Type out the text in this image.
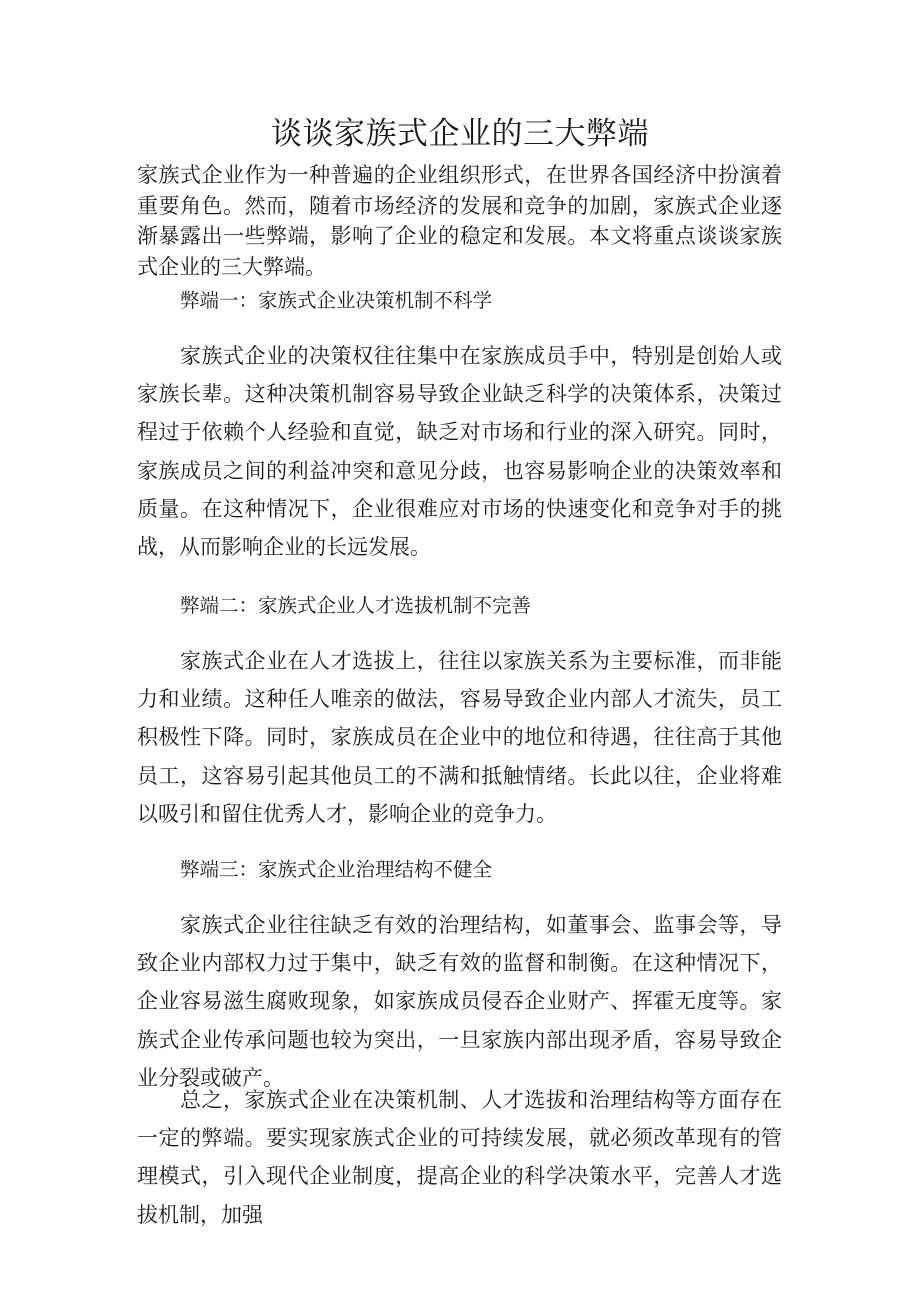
谈谈家族式企业的三大弊端

家族式企业作为一种普遍的企业组织形式，在世界各国经济中扮演着重要角色。然而，随着市场经济的发展和竞争的加剧，家族式企业逐渐暴露出一些弊端，影响了企业的稳定和发展。本文将重点谈谈家族式企业的三大弊端。

弊端一：家族式企业决策机制不科学

家族式企业的决策权往往集中在家族成员手中，特别是创始人或家族长辈。这种决策机制容易导致企业缺乏科学的决策体系，决策过程过于依赖个人经验和直觉，缺乏对市场和行业的深入研究。同时，家族成员之间的利益冲突和意见分歧，也容易影响企业的决策效率和质量。在这种情况下，企业很难应对市场的快速变化和竞争对手的挑战，从而影响企业的长远发展。

弊端二：家族式企业人才选拔机制不完善

家族式企业在人才选拔上，往往以家族关系为主要标准，而非能力和业绩。这种任人唯亲的做法，容易导致企业内部人才流失，员工积极性下降。同时，家族成员在企业中的地位和待遇，往往高于其他员工，这容易引起其他员工的不满和抵触情绪。长此以往，企业将难以吸引和留住优秀人才，影响企业的竞争力。

弊端三：家族式企业治理结构不健全

家族式企业往往缺乏有效的治理结构，如董事会、监事会等，导致企业内部权力过于集中，缺乏有效的监督和制衡。在这种情况下，企业容易滋生腐败现象，如家族成员侵吞企业财产、挥霍无度等。家族式企业传承问题也较为突出，一旦家族内部出现矛盾，容易导致企业分裂或破产。

总之，家族式企业在决策机制、人才选拔和治理结构等方面存在一定的弊端。要实现家族式企业的可持续发展，就必须改革现有的管理模式，引入现代企业制度，提高企业的科学决策水平，完善人才选拔机制，加强
